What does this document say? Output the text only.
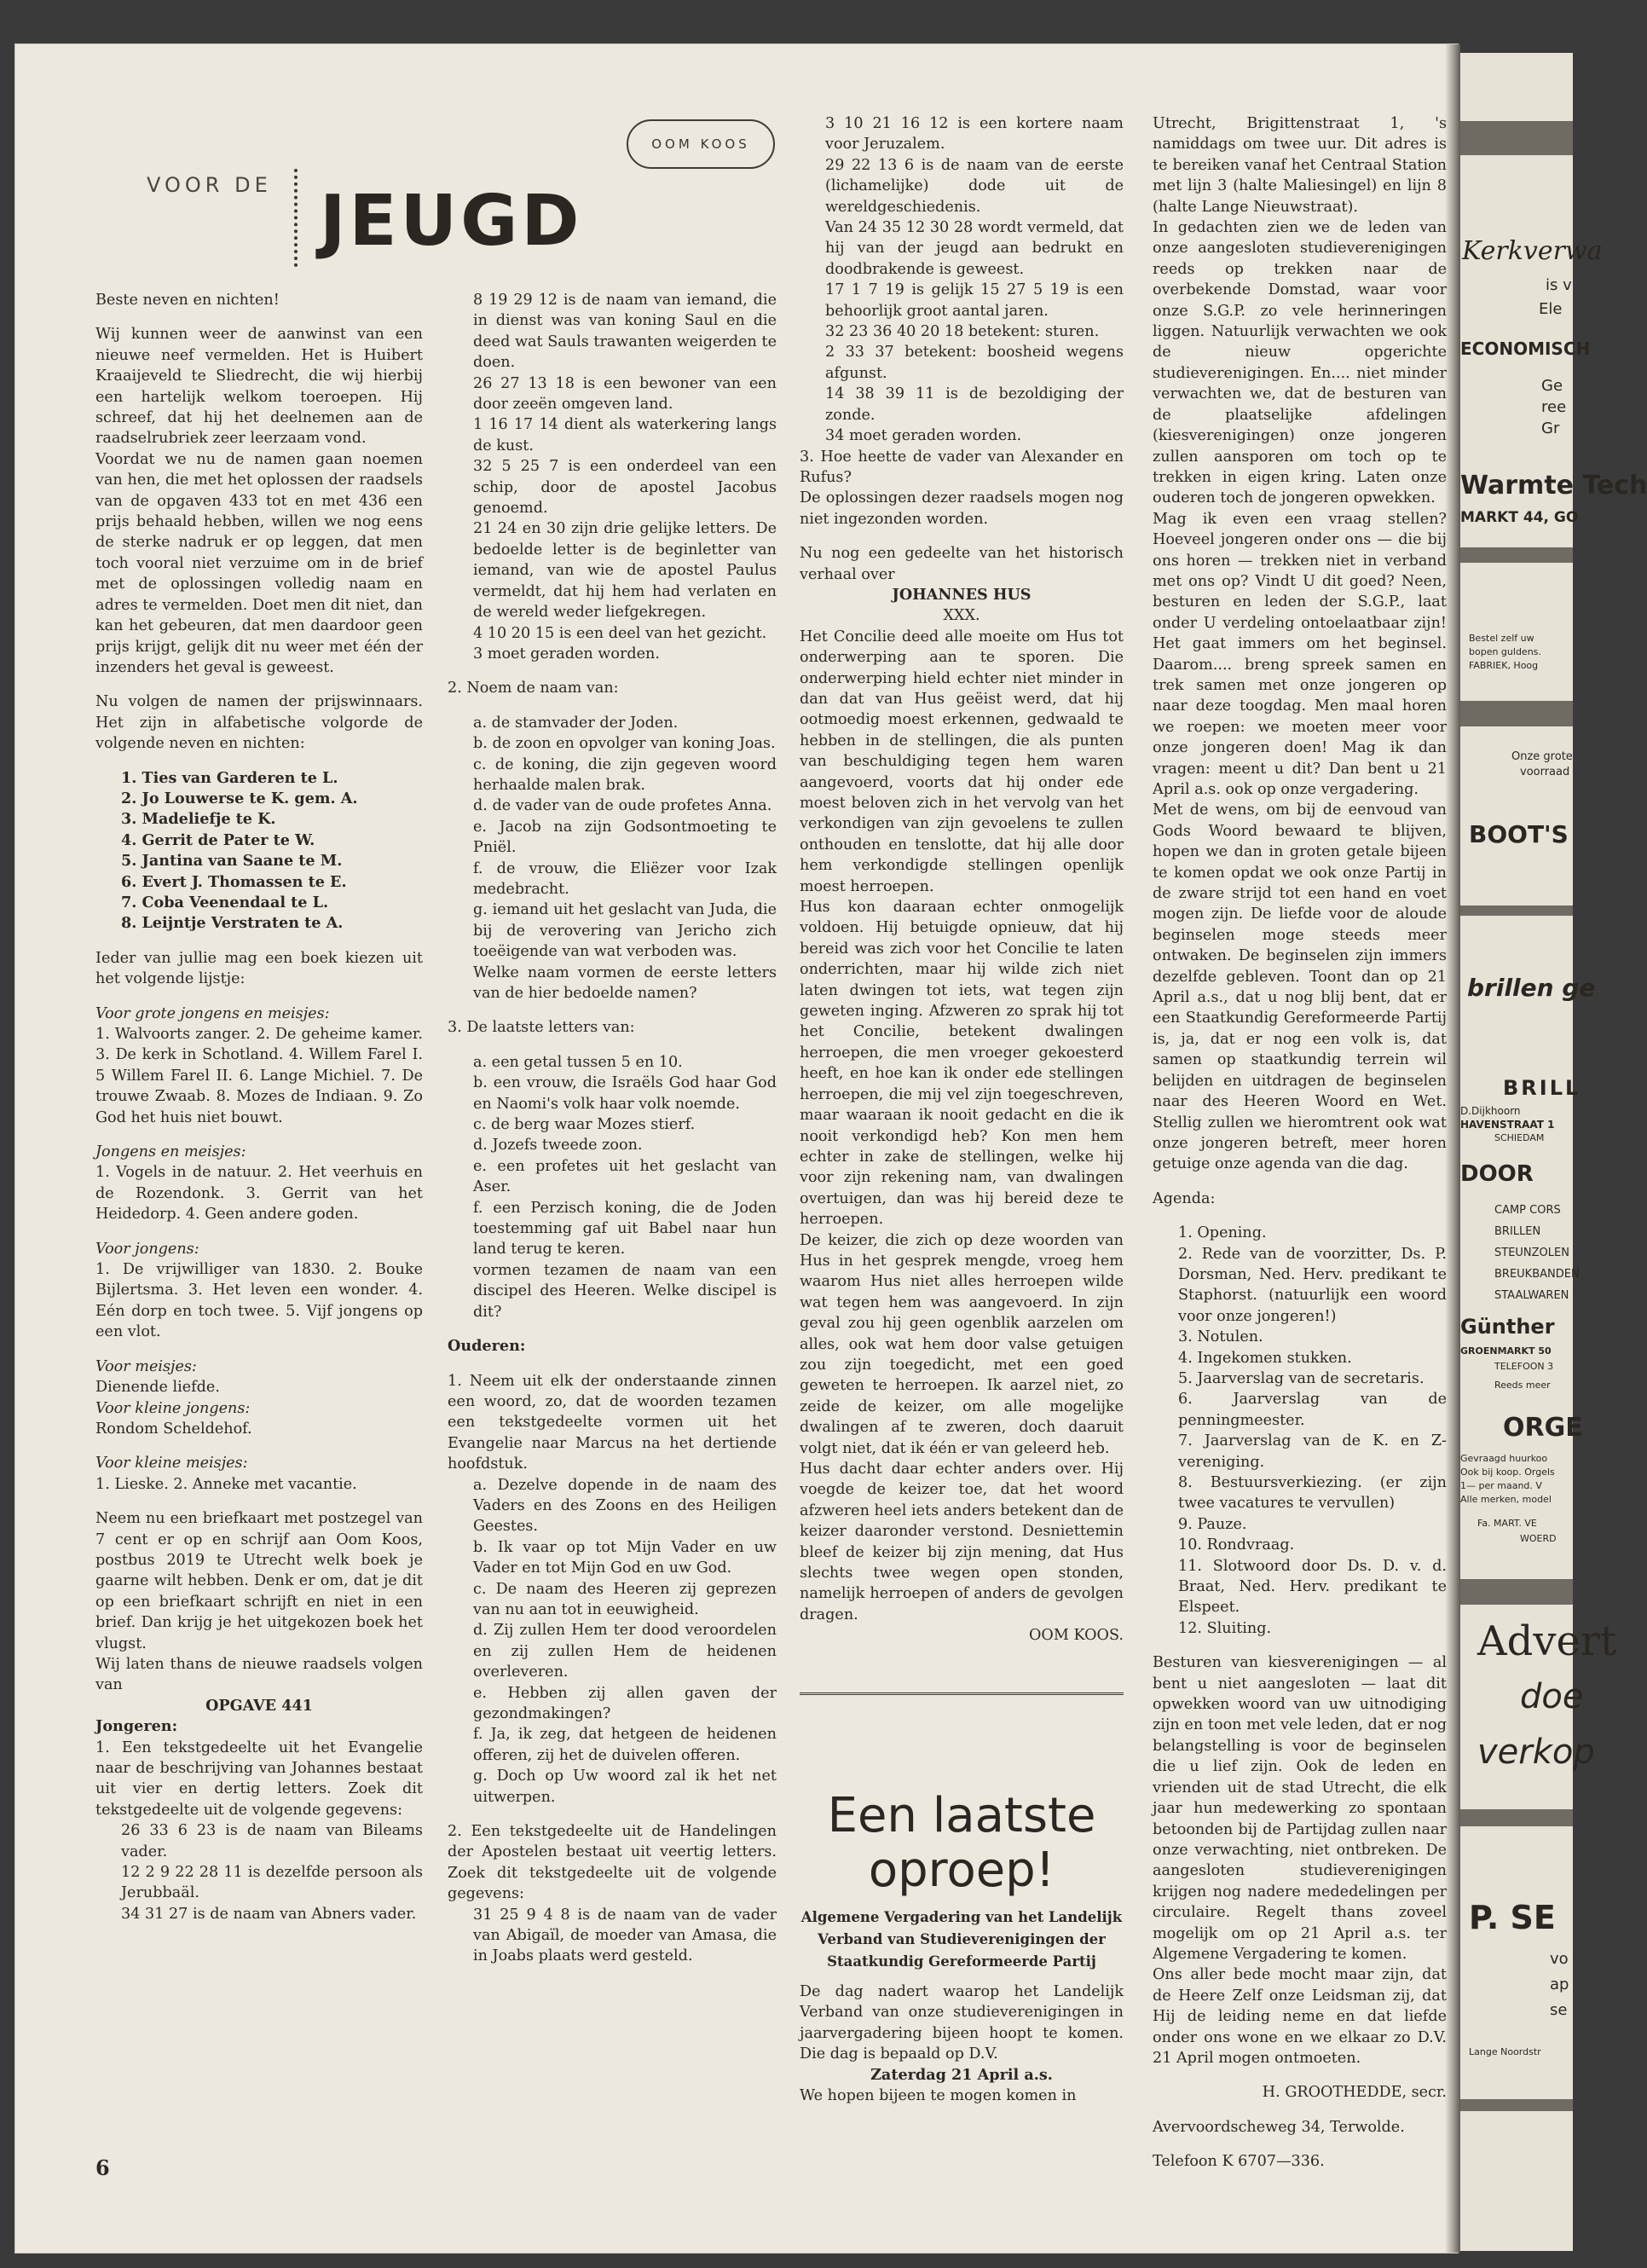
VOOR DE JEUGD
OOM KOOS

Beste neven en nichten!

Wij kunnen weer de aanwinst van een nieuwe neef vermelden. Het is Huibert Kraaijeveld te Sliedrecht, die wij hierbij een hartelijk welkom toeroepen. Hij schreef, dat hij het deelnemen aan de raadselrubriek zeer leerzaam vond.

Voordat we nu de namen gaan noemen van hen, die met het oplossen der raadsels van de opgaven 433 tot en met 436 een prijs behaald hebben, willen we nog eens de sterke nadruk er op leggen, dat men toch vooral niet verzuime om in de brief met de oplossingen volledig naam en adres te vermelden. Doet men dit niet, dan kan het gebeuren, dat men daardoor geen prijs krijgt, gelijk dit nu weer met één der inzenders het geval is geweest.

Nu volgen de namen der prijswinnaars. Het zijn in alfabetische volgorde de volgende neven en nichten:

1. Ties van Garderen te L.

2. Jo Louwerse te K. gem. A.

3. Madeliefje te K.

4. Gerrit de Pater te W.

5. Jantina van Saane te M.

6. Evert J. Thomassen te E.

7. Coba Veenendaal te L.

8. Leijntje Verstraten te A.

Ieder van jullie mag een boek kiezen uit het volgende lijstje:

Voor grote jongens en meisjes:

1. Walvoorts zanger. 2. De geheime kamer. 3. De kerk in Schotland. 4. Willem Farel I. 5 Willem Farel II. 6. Lange Michiel. 7. De trouwe Zwaab. 8. Mozes de Indiaan. 9. Zo God het huis niet bouwt.

Jongens en meisjes:

1. Vogels in de natuur. 2. Het veerhuis en de Rozendonk. 3. Gerrit van het Heidedorp. 4. Geen andere goden.

Voor jongens:

1. De vrijwilliger van 1830. 2. Bouke Bijlertsma. 3. Het leven een wonder. 4. Eén dorp en toch twee. 5. Vijf jongens op een vlot.

Voor meisjes:

Dienende liefde.

Voor kleine jongens:

Rondom Scheldehof.

Voor kleine meisjes:

1. Lieske. 2. Anneke met vacantie.

Neem nu een briefkaart met postzegel van 7 cent er op en schrijf aan Oom Koos, postbus 2019 te Utrecht welk boek je gaarne wilt hebben. Denk er om, dat je dit op een briefkaart schrijft en niet in een brief. Dan krijg je het uitgekozen boek het vlugst.

Wij laten thans de nieuwe raadsels volgen van

OPGAVE 441

Jongeren:

1. Een tekstgedeelte uit het Evangelie naar de beschrijving van Johannes bestaat uit vier en dertig letters. Zoek dit tekstgedeelte uit de volgende gegevens:

26 33 6 23 is de naam van Bileams vader.

12 2 9 22 28 11 is dezelfde persoon als Jerubbaäl.

34 31 27 is de naam van Abners vader.

8 19 29 12 is de naam van iemand, die in dienst was van koning Saul en die deed wat Sauls trawanten weigerden te doen.

26 27 13 18 is een bewoner van een door zeeën omgeven land.

1 16 17 14 dient als waterkering langs de kust.

32 5 25 7 is een onderdeel van een schip, door de apostel Jacobus genoemd.

21 24 en 30 zijn drie gelijke letters. De bedoelde letter is de beginletter van iemand, van wie de apostel Paulus vermeldt, dat hij hem had verlaten en de wereld weder liefgekregen.

4 10 20 15 is een deel van het gezicht.

3 moet geraden worden.

2. Noem de naam van:

a. de stamvader der Joden.

b. de zoon en opvolger van koning Joas.

c. de koning, die zijn gegeven woord herhaalde malen brak.

d. de vader van de oude profetes Anna.

e. Jacob na zijn Godsontmoeting te Pniël.

f. de vrouw, die Eliëzer voor Izak medebracht.

g. iemand uit het geslacht van Juda, die bij de verovering van Jericho zich toeëigende van wat verboden was.

Welke naam vormen de eerste letters van de hier bedoelde namen?

3. De laatste letters van:

a. een getal tussen 5 en 10.

b. een vrouw, die Israëls God haar God en Naomi's volk haar volk noemde.

c. de berg waar Mozes stierf.

d. Jozefs tweede zoon.

e. een profetes uit het geslacht van Aser.

f. een Perzisch koning, die de Joden toestemming gaf uit Babel naar hun land terug te keren.

vormen tezamen de naam van een discipel des Heeren. Welke discipel is dit?

Ouderen:

1. Neem uit elk der onderstaande zinnen een woord, zo, dat de woorden tezamen een tekstgedeelte vormen uit het Evangelie naar Marcus na het dertiende hoofdstuk.

a. Dezelve dopende in de naam des Vaders en des Zoons en des Heiligen Geestes.

b. Ik vaar op tot Mijn Vader en uw Vader en tot Mijn God en uw God.

c. De naam des Heeren zij geprezen van nu aan tot in eeuwigheid.

d. Zij zullen Hem ter dood veroordelen en zij zullen Hem de heidenen overleveren.

e. Hebben zij allen gaven der gezondmakingen?

f. Ja, ik zeg, dat hetgeen de heidenen offeren, zij het de duivelen offeren.

g. Doch op Uw woord zal ik het net uitwerpen.

2. Een tekstgedeelte uit de Handelingen der Apostelen bestaat uit veertig letters. Zoek dit tekstgedeelte uit de volgende gegevens:

31 25 9 4 8 is de naam van de vader van Abigaïl, de moeder van Amasa, die in Joabs plaats werd gesteld.

3 10 21 16 12 is een kortere naam voor Jeruzalem.

29 22 13 6 is de naam van de eerste (lichamelijke) dode uit de wereldgeschiedenis.

Van 24 35 12 30 28 wordt vermeld, dat hij van der jeugd aan bedrukt en doodbrakende is geweest.

17 1 7 19 is gelijk 15 27 5 19 is een behoorlijk groot aantal jaren.

32 23 36 40 20 18 betekent: sturen.

2 33 37 betekent: boosheid wegens afgunst.

14 38 39 11 is de bezoldiging der zonde.

34 moet geraden worden.

3. Hoe heette de vader van Alexander en Rufus?

De oplossingen dezer raadsels mogen nog niet ingezonden worden.

Nu nog een gedeelte van het historisch verhaal over

JOHANNES HUS

XXX.

Het Concilie deed alle moeite om Hus tot onderwerping aan te sporen. Die onderwerping hield echter niet minder in dan dat van Hus geëist werd, dat hij ootmoedig moest erkennen, gedwaald te hebben in de stellingen, die als punten van beschuldiging tegen hem waren aangevoerd, voorts dat hij onder ede moest beloven zich in het vervolg van het verkondigen van zijn gevoelens te zullen onthouden en tenslotte, dat hij alle door hem verkondigde stellingen openlijk moest herroepen.

Hus kon daaraan echter onmogelijk voldoen. Hij betuigde opnieuw, dat hij bereid was zich voor het Concilie te laten onderrichten, maar hij wilde zich niet laten dwingen tot iets, wat tegen zijn geweten inging. Afzweren zo sprak hij tot het Concilie, betekent dwalingen herroepen, die men vroeger gekoesterd heeft, en hoe kan ik onder ede stellingen herroepen, die mij vel zijn toegeschreven, maar waaraan ik nooit gedacht en die ik nooit verkondigd heb? Kon men hem echter in zake de stellingen, welke hij voor zijn rekening nam, van dwalingen overtuigen, dan was hij bereid deze te herroepen.

De keizer, die zich op deze woorden van Hus in het gesprek mengde, vroeg hem waarom Hus niet alles herroepen wilde wat tegen hem was aangevoerd. In zijn geval zou hij geen ogenblik aarzelen om alles, ook wat hem door valse getuigen zou zijn toegedicht, met een goed geweten te herroepen. Ik aarzel niet, zo zeide de keizer, om alle mogelijke dwalingen af te zweren, doch daaruit volgt niet, dat ik één er van geleerd heb.

Hus dacht daar echter anders over. Hij voegde de keizer toe, dat het woord afzweren heel iets anders betekent dan de keizer daaronder verstond. Desniettemin bleef de keizer bij zijn mening, dat Hus slechts twee wegen open stonden, namelijk herroepen of anders de gevolgen dragen.

OOM KOOS.

Een laatste oproep!

Algemene Vergadering van het Landelijk Verband van Studieverenigingen der Staatkundig Gereformeerde Partij

De dag nadert waarop het Landelijk Verband van onze studieverenigingen in jaarvergadering bijeen hoopt te komen. Die dag is bepaald op D.V.

Zaterdag 21 April a.s.

We hopen bijeen te mogen komen in

Utrecht, Brigittenstraat 1, 's namiddags om twee uur. Dit adres is te bereiken vanaf het Centraal Station met lijn 3 (halte Maliesingel) en lijn 8 (halte Lange Nieuwstraat).

In gedachten zien we de leden van onze aangesloten studieverenigingen reeds op trekken naar de overbekende Domstad, waar voor onze S.G.P. zo vele herinneringen liggen. Natuurlijk verwachten we ook de nieuw opgerichte studieverenigingen. En.... niet minder verwachten we, dat de besturen van de plaatselijke afdelingen (kiesverenigingen) onze jongeren zullen aansporen om toch op te trekken in eigen kring. Laten onze ouderen toch de jongeren opwekken.

Mag ik even een vraag stellen? Hoeveel jongeren onder ons — die bij ons horen — trekken niet in verband met ons op? Vindt U dit goed? Neen, besturen en leden der S.G.P., laat onder U verdeling ontoelaatbaar zijn! Het gaat immers om het beginsel. Daarom.... breng spreek samen en trek samen met onze jongeren op naar deze toogdag. Men maal horen we roepen: we moeten meer voor onze jongeren doen! Mag ik dan vragen: meent u dit? Dan bent u 21 April a.s. ook op onze vergadering.

Met de wens, om bij de eenvoud van Gods Woord bewaard te blijven, hopen we dan in groten getale bijeen te komen opdat we ook onze Partij in de zware strijd tot een hand en voet mogen zijn. De liefde voor de aloude beginselen moge steeds meer ontwaken. De beginselen zijn immers dezelfde gebleven. Toont dan op 21 April a.s., dat u nog blij bent, dat er een Staatkundig Gereformeerde Partij is, ja, dat er nog een volk is, dat samen op staatkundig terrein wil belijden en uitdragen de beginselen naar des Heeren Woord en Wet. Stellig zullen we hieromtrent ook wat onze jongeren betreft, meer horen getuige onze agenda van die dag.

Agenda:

1. Opening.

2. Rede van de voorzitter, Ds. P. Dorsman, Ned. Herv. predikant te Staphorst. (natuurlijk een woord voor onze jongeren!)

3. Notulen.

4. Ingekomen stukken.

5. Jaarverslag van de secretaris.

6. Jaarverslag van de penningmeester.

7. Jaarverslag van de K. en Z-vereniging.

8. Bestuursverkiezing. (er zijn twee vacatures te vervullen)

9. Pauze.

10. Rondvraag.

11. Slotwoord door Ds. D. v. d. Braat, Ned. Herv. predikant te Elspeet.

12. Sluiting.

Besturen van kiesverenigingen — al bent u niet aangesloten — laat dit opwekken woord van uw uitnodiging zijn en toon met vele leden, dat er nog belangstelling is voor de beginselen die u lief zijn. Ook de leden en vrienden uit de stad Utrecht, die elk jaar hun medewerking zo spontaan betoonden bij de Partijdag zullen naar onze verwachting, niet ontbreken. De aangesloten studieverenigingen krijgen nog nadere mededelingen per circulaire. Regelt thans zoveel mogelijk om op 21 April a.s. ter Algemene Vergadering te komen.

Ons aller bede mocht maar zijn, dat de Heere Zelf onze Leidsman zij, dat Hij de leiding neme en dat liefde onder ons wone en we elkaar zo D.V. 21 April mogen ontmoeten.

H. GROOTHEDDE, secr.

Avervoordscheweg 34, Terwolde.

Telefoon K 6707—336.

6
Kerkverwa
is v
Ele
ECONOMISCH
Ge
ree
Gr
Warmte Tech
MARKT 44, GO
Bestel zelf uw
bopen guldens.
FABRIEK, Hoog
Onze grote
voorraad
BOOT'S
brillen ge
BRILL
D.Dijkhoorn
HAVENSTRAAT 1
SCHIEDAM
DOOR
CAMP CORS
BRILLEN
STEUNZOLEN
BREUKBANDEN
STAALWAREN
Günther
GROENMARKT 50
TELEFOON 3
Reeds meer
ORGE
Gevraagd huurkoo
Ook bij koop. Orgels
1— per maand. V
Alle merken, model
Fa. MART. VE
WOERD
Advert
doe
verkop
P. SE
vo
ap
se
Lange Noordstr
